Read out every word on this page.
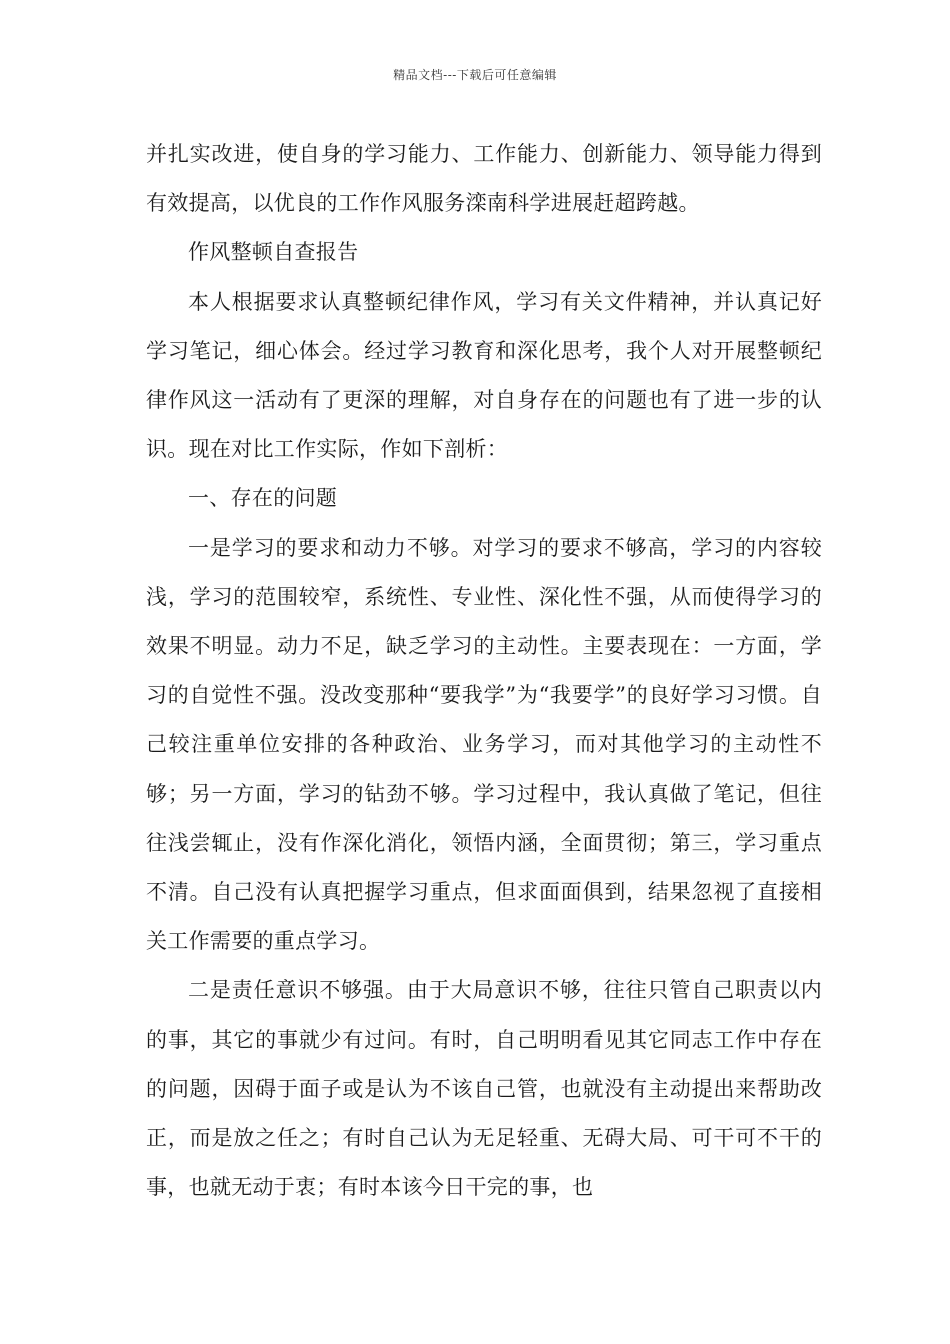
精品文档---下载后可任意编辑

并扎实改进，使自身的学习能力、工作能力、创新能力、领导能力得到有效提高，以优良的工作作风服务滦南科学进展赶超跨越。

作风整顿自查报告

本人根据要求认真整顿纪律作风，学习有关文件精神，并认真记好学习笔记，细心体会。经过学习教育和深化思考，我个人对开展整顿纪律作风这一活动有了更深的理解，对自身存在的问题也有了进一步的认识。现在对比工作实际，作如下剖析：

一、存在的问题

一是学习的要求和动力不够。对学习的要求不够高，学习的内容较浅，学习的范围较窄，系统性、专业性、深化性不强，从而使得学习的效果不明显。动力不足，缺乏学习的主动性。主要表现在：一方面，学习的自觉性不强。没改变那种“要我学”为“我要学”的良好学习习惯。自己较注重单位安排的各种政治、业务学习，而对其他学习的主动性不够；另一方面，学习的钻劲不够。学习过程中，我认真做了笔记，但往往浅尝辄止，没有作深化消化，领悟内涵，全面贯彻；第三，学习重点不清。自己没有认真把握学习重点，但求面面俱到，结果忽视了直接相关工作需要的重点学习。

二是责任意识不够强。由于大局意识不够，往往只管自己职责以内的事，其它的事就少有过问。有时，自己明明看见其它同志工作中存在的问题，因碍于面子或是认为不该自己管，也就没有主动提出来帮助改正，而是放之任之；有时自己认为无足轻重、无碍大局、可干可不干的事，也就无动于衷；有时本该今日干完的事，也
